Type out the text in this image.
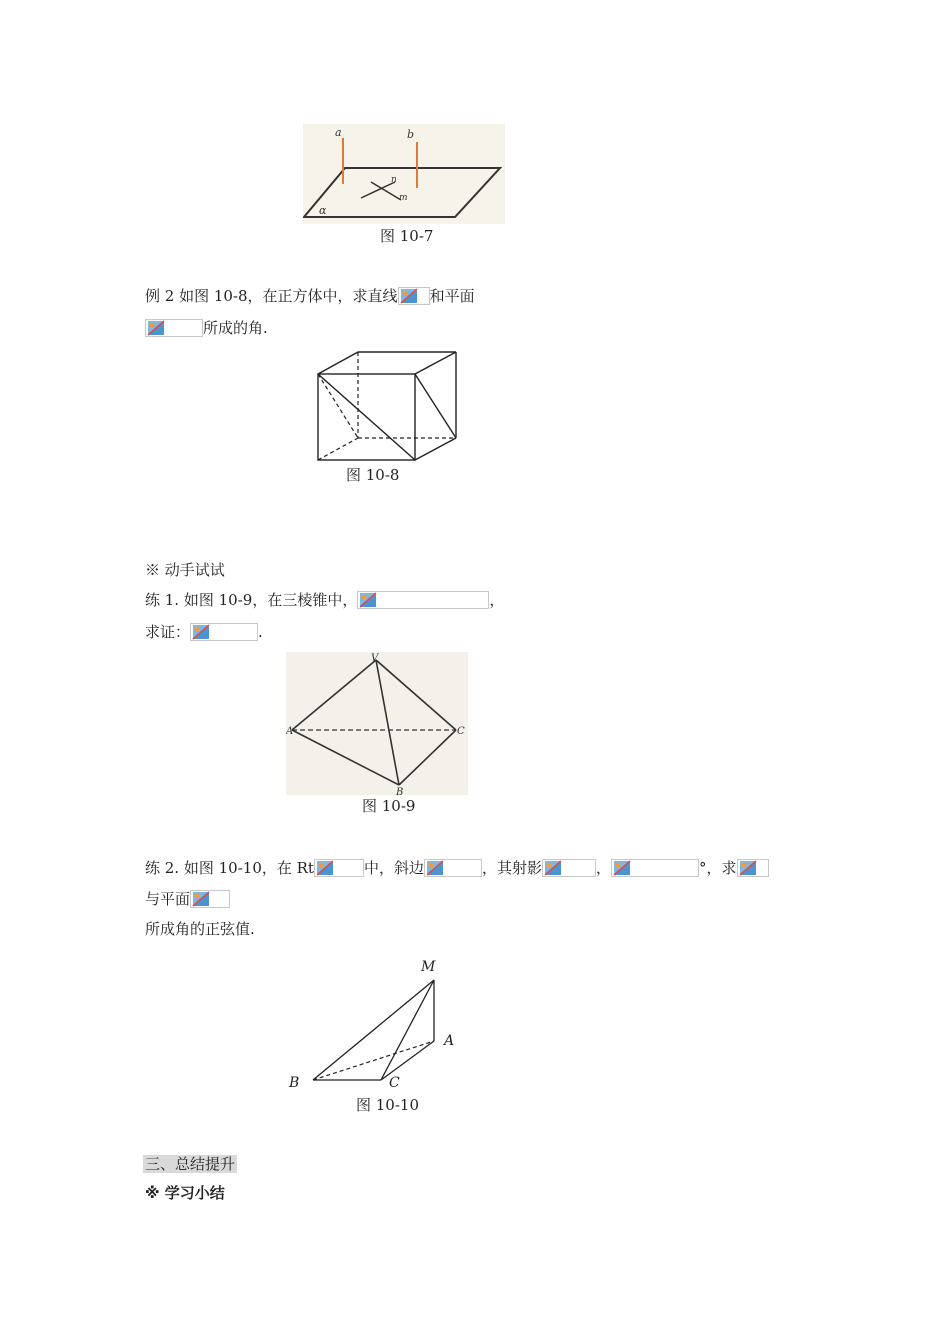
a	b
n
m
α
图 10-7
例 2 如图 10-8，在正方体中，求直线 和平面
所成的角.
图 10-8
※ 动手试试
练 1. 如图 10-9，在三棱锥中，	，
求证：	.
V
A	C
B
图 10-9
练 2. 如图 10-10，在 Rt	中，斜边	，其射影	，	°，求
与平面
所成角的正弦值.
M
A
B	C
图 10-10
三、总结提升
※ 学习小结
